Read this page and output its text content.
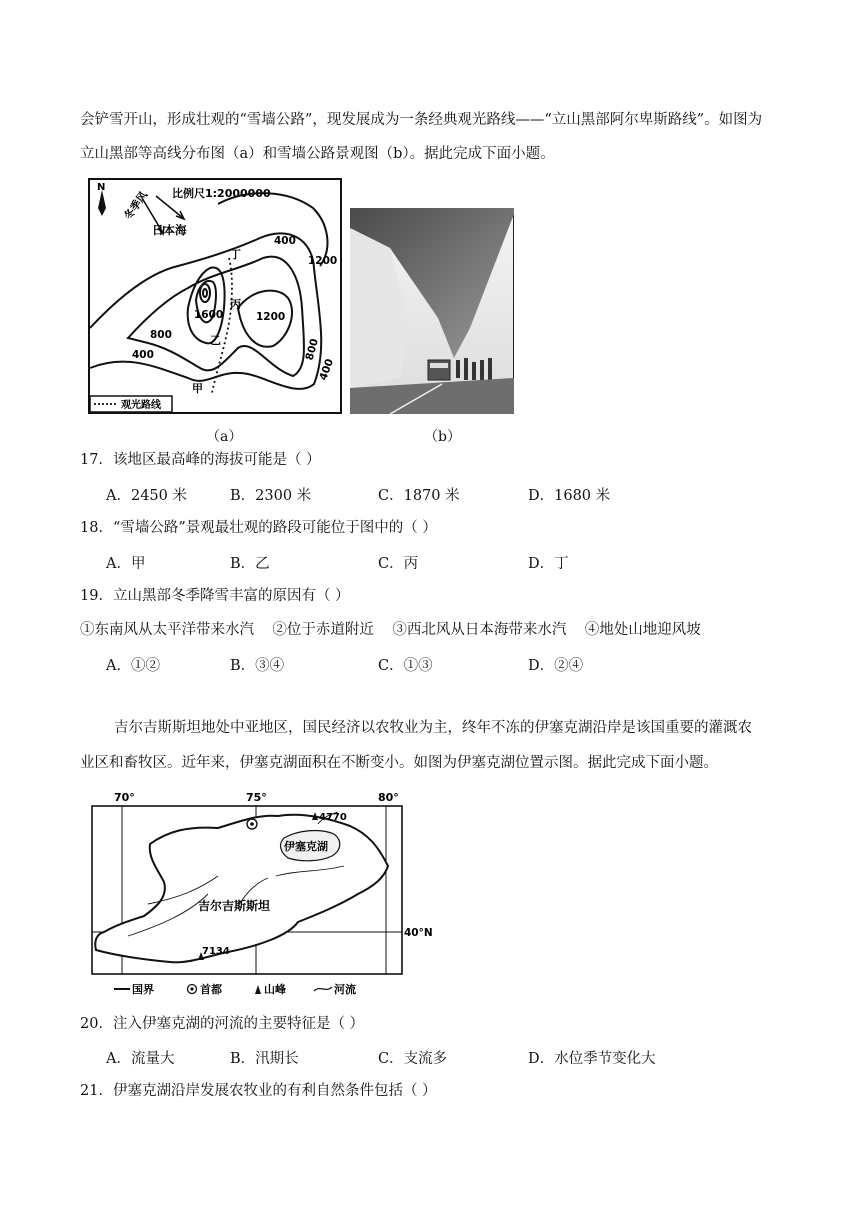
会铲雪开山，形成壮观的“雪墙公路”，现发展成为一条经典观光路线——“立山黑部阿尔卑斯路线”。如图为
立山黑部等高线分布图（a）和雪墙公路景观图（b）。据此完成下面小题。
N	比例尺1:2000000
冬季风
日本海
400
1200
1600	1200
800
400
800
400
丁
丙
乙
甲
观光路线
（a）	（b）
17．该地区最高峰的海拔可能是（ ）
A．2450 米	B．2300 米	C．1870 米	D．1680 米
18．“雪墙公路”景观最壮观的路段可能位于图中的（ ）
A．甲	B．乙	C．丙	D．丁
19．立山黑部冬季降雪丰富的原因有（ ）
①东南风从太平洋带来水汽    ②位于赤道附近    ③西北风从日本海带来水汽    ④地处山地迎风坡
A．①②	B．③④	C．①③	D．②④
吉尔吉斯斯坦地处中亚地区，国民经济以农牧业为主，终年不冻的伊塞克湖沿岸是该国重要的灌溉农
业区和畜牧区。近年来，伊塞克湖面积在不断变小。如图为伊塞克湖位置示图。据此完成下面小题。
70°	75°	80°
40°N
4770
7134
伊塞克湖
吉尔吉斯斯坦
国界	首都	山峰	河流
20．注入伊塞克湖的河流的主要特征是（ ）
A．流量大	B．汛期长	C．支流多	D．水位季节变化大
21．伊塞克湖沿岸发展农牧业的有利自然条件包括（ ）
